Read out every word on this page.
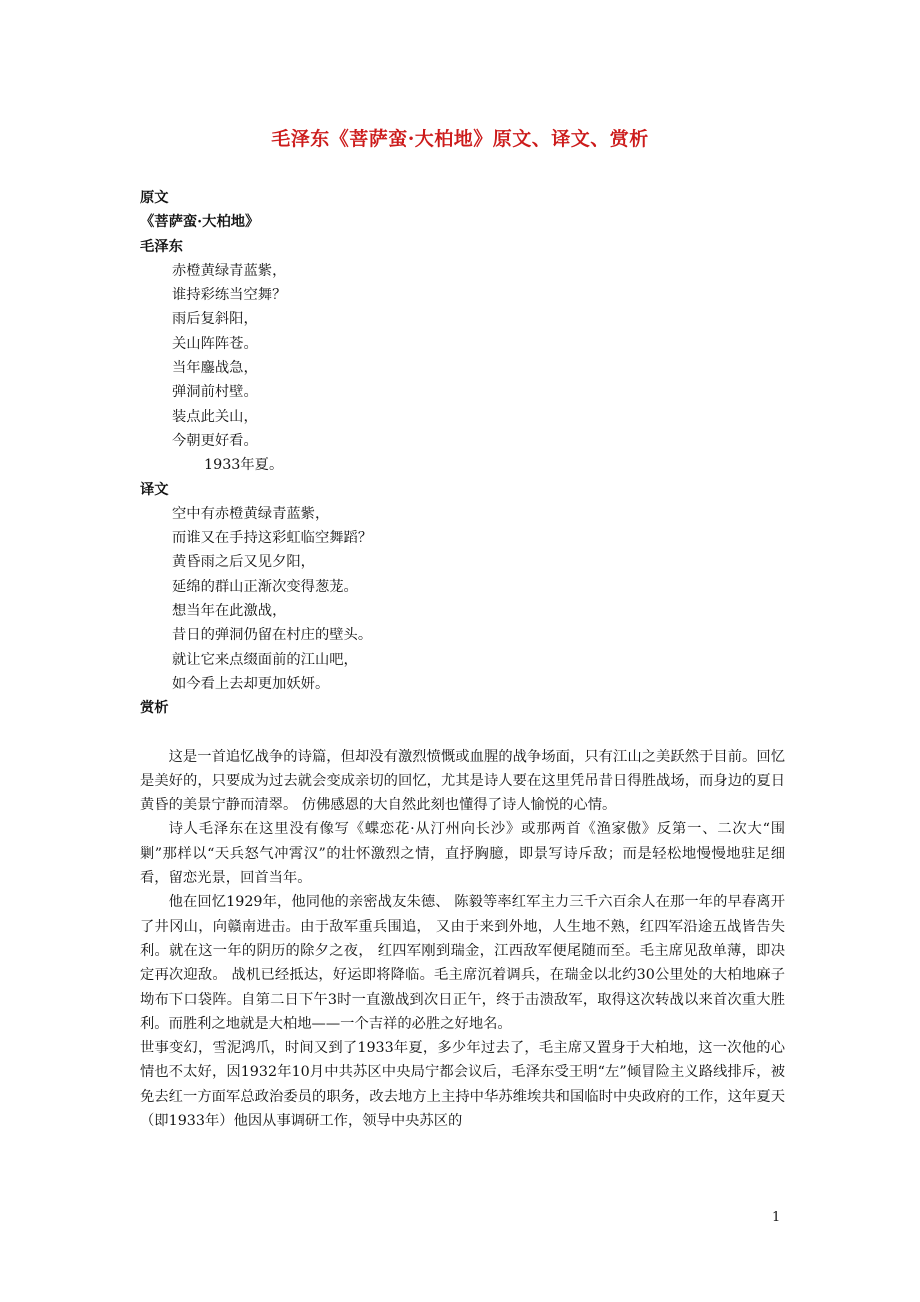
毛泽东《菩萨蛮·大柏地》原文、译文、赏析

原文

《菩萨蛮·大柏地》

毛泽东

赤橙黄绿青蓝紫，

谁持彩练当空舞？

雨后复斜阳，

关山阵阵苍。

当年鏖战急，

弹洞前村壁。

装点此关山，

今朝更好看。

1933年夏。

译文

空中有赤橙黄绿青蓝紫，

而谁又在手持这彩虹临空舞蹈？

黄昏雨之后又见夕阳，

延绵的群山正渐次变得葱茏。

想当年在此激战，

昔日的弹洞仍留在村庄的壁头。

就让它来点缀面前的江山吧，

如今看上去却更加妖妍。

赏析

这是一首追忆战争的诗篇，但却没有激烈愤慨或血腥的战争场面，只有江山之美跃然于目前。回忆是美好的，只要成为过去就会变成亲切的回忆，尤其是诗人要在这里凭吊昔日得胜战场，而身边的夏日黄昏的美景宁静而清翠。 仿佛感恩的大自然此刻也懂得了诗人愉悦的心情。

诗人毛泽东在这里没有像写《蝶恋花·从汀州向长沙》或那两首《渔家傲》反第一、二次大“围剿”那样以“天兵怒气冲霄汉”的壮怀激烈之情，直抒胸臆，即景写诗斥敌；而是轻松地慢慢地驻足细看，留恋光景，回首当年。

他在回忆1929年，他同他的亲密战友朱德、 陈毅等率红军主力三千六百余人在那一年的早春离开了井冈山，向赣南进击。由于敌军重兵围追， 又由于来到外地，人生地不熟，红四军沿途五战皆告失利。就在这一年的阴历的除夕之夜， 红四军刚到瑞金，江西敌军便尾随而至。毛主席见敌单薄，即决定再次迎敌。 战机已经抵达，好运即将降临。毛主席沉着调兵，在瑞金以北约30公里处的大柏地麻子坳布下口袋阵。自第二日下午3时一直激战到次日正午，终于击溃敌军，取得这次转战以来首次重大胜利。而胜利之地就是大柏地——一个吉祥的必胜之好地名。

世事变幻，雪泥鸿爪，时间又到了1933年夏，多少年过去了，毛主席又置身于大柏地，这一次他的心情也不太好，因1932年10月中共苏区中央局宁都会议后，毛泽东受王明“左”倾冒险主义路线排斥，被免去红一方面军总政治委员的职务，改去地方上主持中华苏维埃共和国临时中央政府的工作，这年夏天（即1933年）他因从事调研工作，领导中央苏区的

1
